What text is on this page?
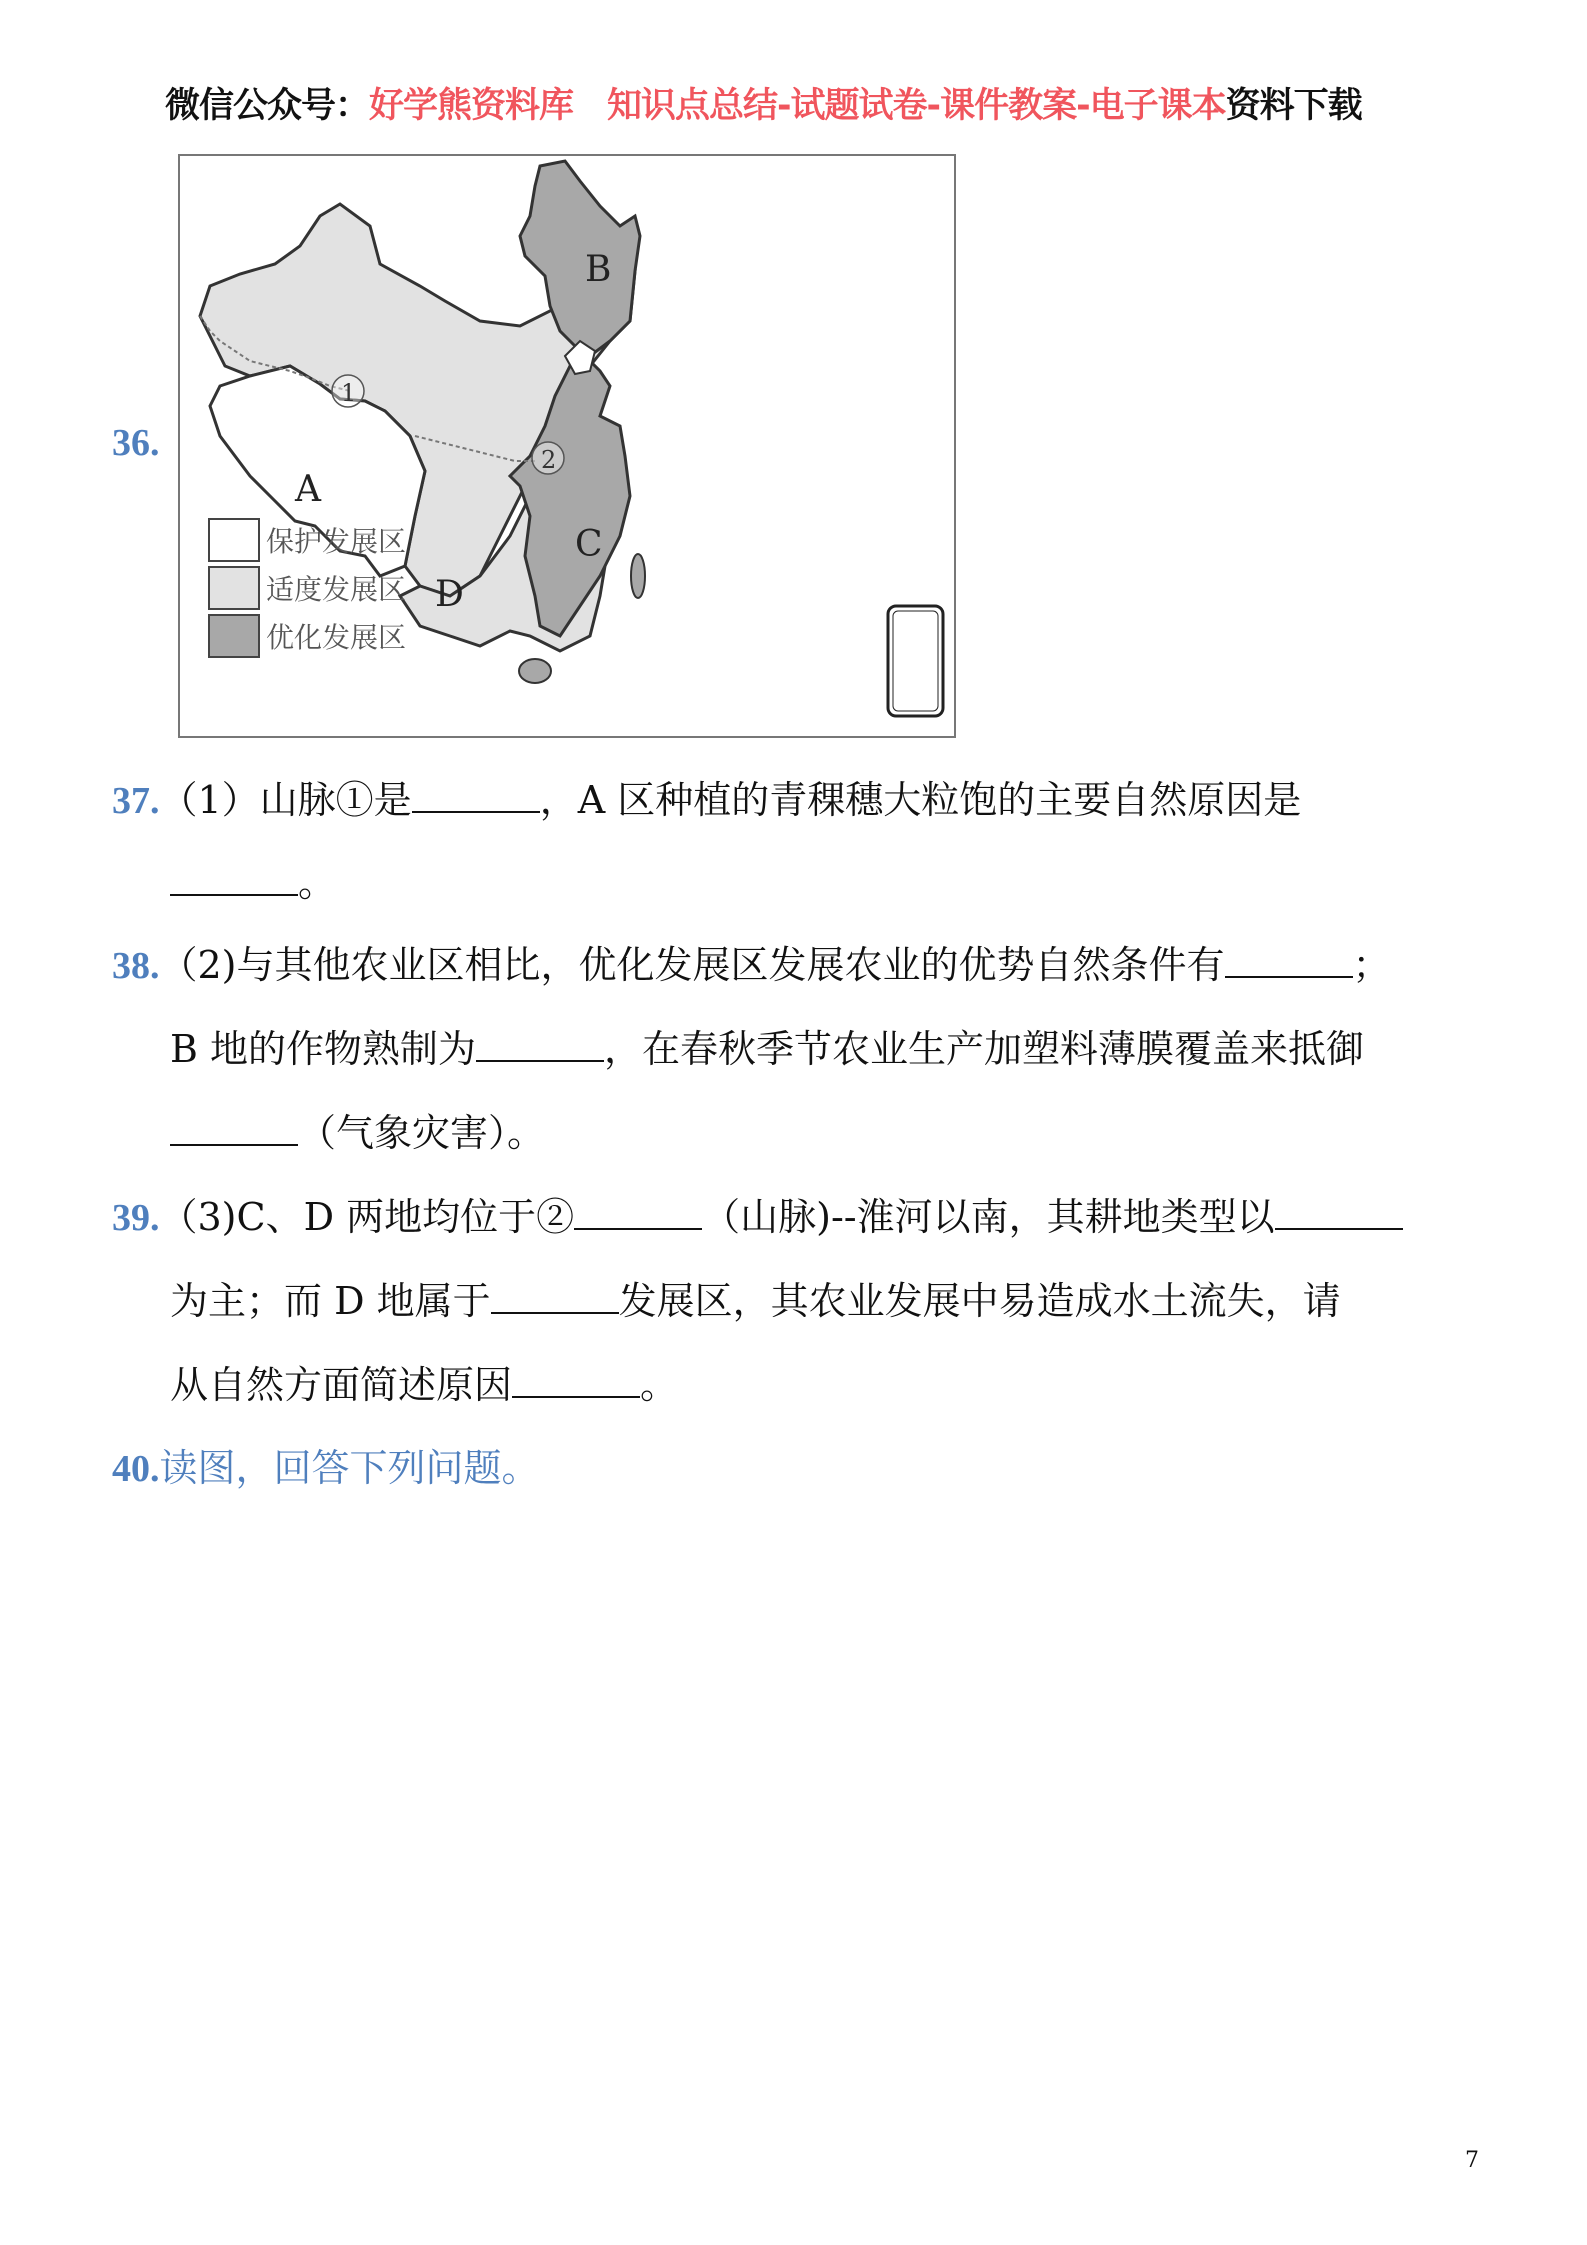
微信公众号：好学熊资料库　知识点总结-试题试卷-课件教案-电子课本资料下载
36.
A
B
C
D
1
2
保护发展区
适度发展区
优化发展区
37.（1）山脉①是	，A 区种植的青稞穗大粒饱的主要自然原因是
。
38.（2)与其他农业区相比，优化发展区发展农业的优势自然条件有	；
B 地的作物熟制为	，在春秋季节农业生产加塑料薄膜覆盖来抵御
（气象灾害）。
39.（3)C、D 两地均位于②	（山脉)--淮河以南，其耕地类型以
为主；而 D 地属于	发展区，其农业发展中易造成水土流失，请
从自然方面简述原因	。
40.读图，回答下列问题。
7
